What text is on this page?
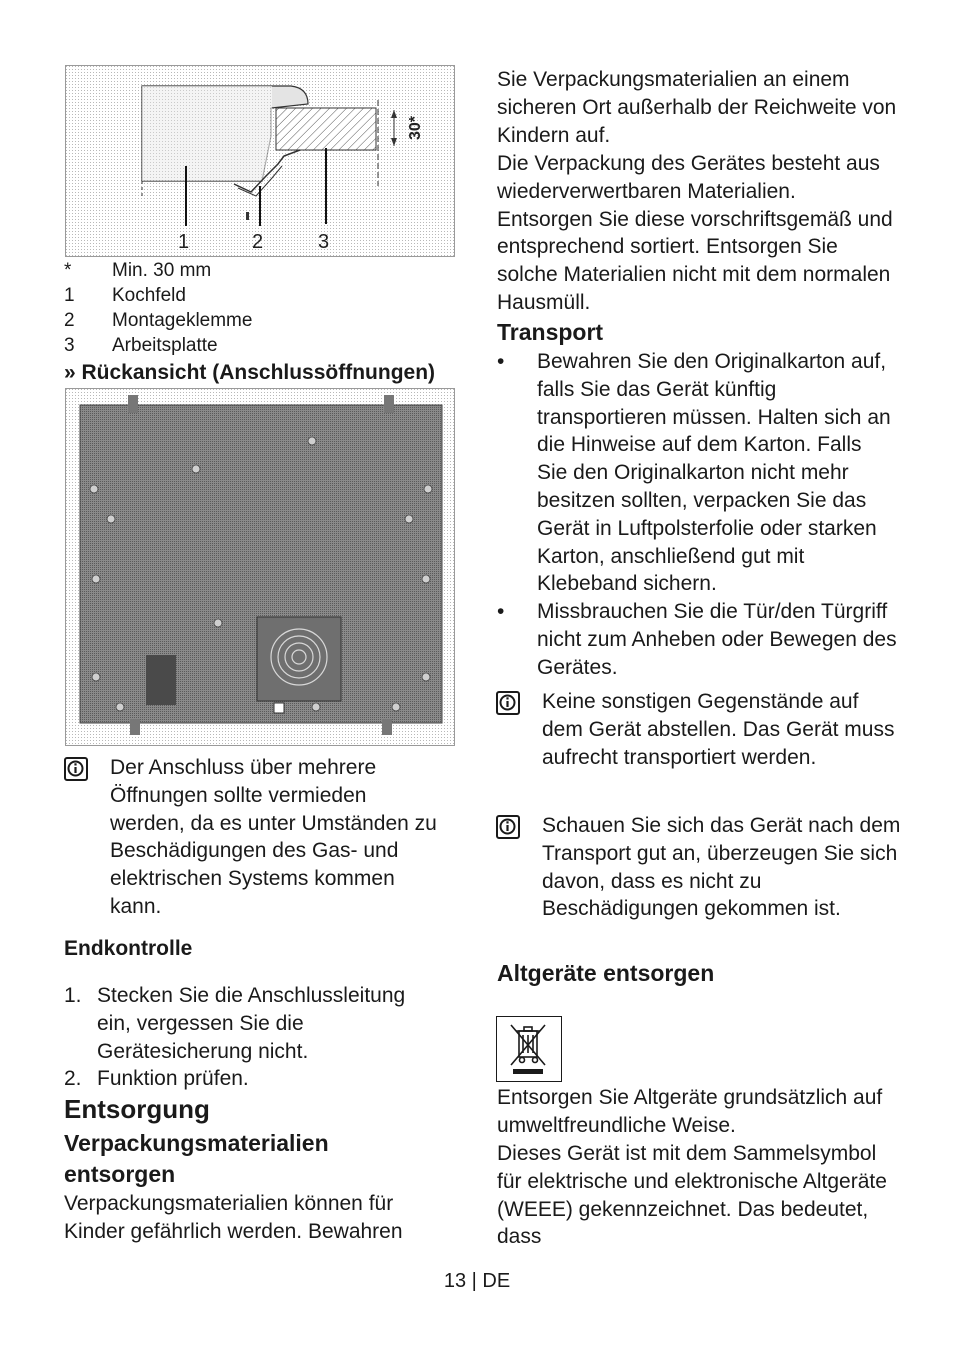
1	2	3
30*
* Min. 30 mm
1 Kochfeld
2 Montageklemme
3 Arbeitsplatte
» Rückansicht (Anschlussöffnungen)
Der Anschluss über mehrere Öffnungen sollte vermieden werden, da es unter Umständen zu Beschädigungen des Gas- und elektrischen Systems kommen kann.
Endkontrolle
1. Stecken Sie die Anschlussleitung ein, vergessen Sie die Gerätesicherung nicht.
2. Funktion prüfen.
Entsorgung
Verpackungsmaterialien
entsorgen
Verpackungsmaterialien können für Kinder gefährlich werden. Bewahren
Sie Verpackungsmaterialien an einem sicheren Ort außerhalb der Reichweite von Kindern auf.
Die Verpackung des Gerätes besteht aus wiederverwertbaren Materialien. Entsorgen Sie diese vorschriftsgemäß und entsprechend sortiert. Entsorgen Sie solche Materialien nicht mit dem normalen Hausmüll.
Transport
• Bewahren Sie den Originalkarton auf, falls Sie das Gerät künftig transportieren müssen. Halten sich an die Hinweise auf dem Karton. Falls Sie den Originalkarton nicht mehr besitzen sollten, verpacken Sie das Gerät in Luftpolsterfolie oder starken Karton, anschließend gut mit Klebeband sichern.
• Missbrauchen Sie die Tür/den Türgriff nicht zum Anheben oder Bewegen des Gerätes.
Keine sonstigen Gegenstände auf dem Gerät abstellen. Das Gerät muss aufrecht transportiert werden.
Schauen Sie sich das Gerät nach dem Transport gut an, überzeugen Sie sich davon, dass es nicht zu Beschädigungen gekommen ist.
Altgeräte entsorgen
Entsorgen Sie Altgeräte grundsätzlich auf umweltfreundliche Weise.
Dieses Gerät ist mit dem Sammelsymbol für elektrische und elektronische Altgeräte (WEEE) gekennzeichnet. Das bedeutet, dass
13 | DE
